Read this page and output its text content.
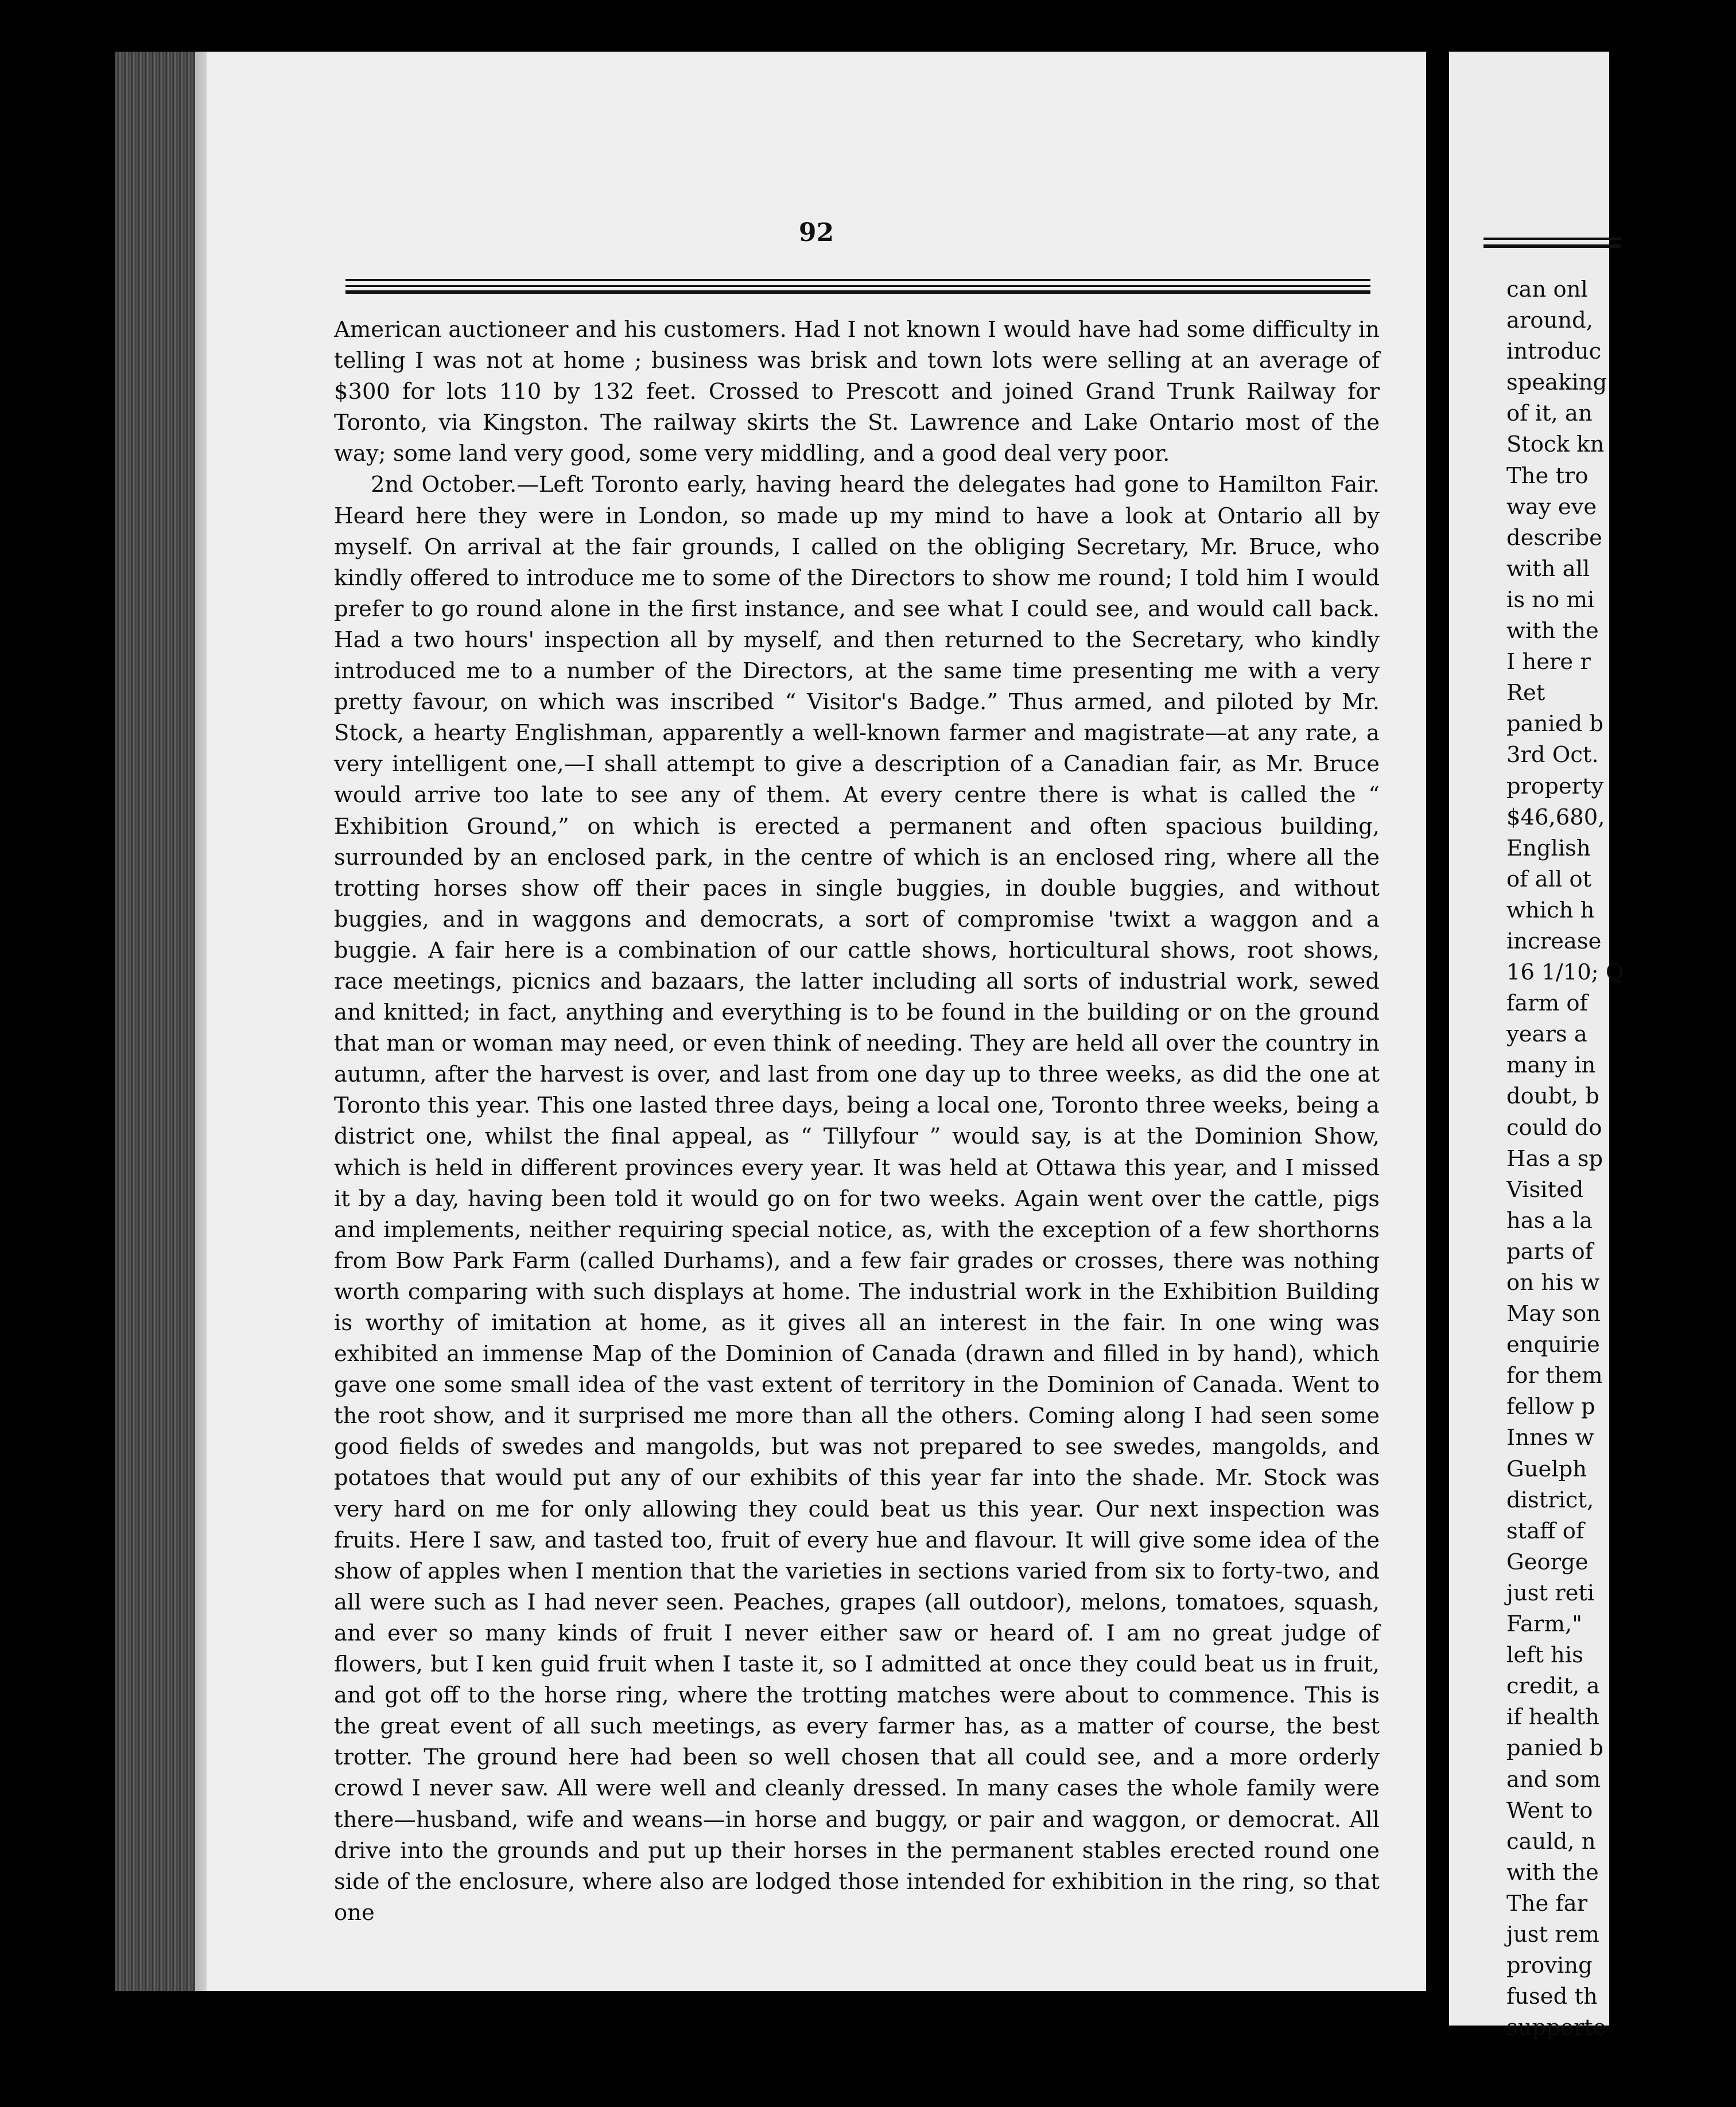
92

American auctioneer and his customers. Had I not known I would have had some difficulty in telling I was not at home ; business was brisk and town lots were selling at an average of $300 for lots 110 by 132 feet. Crossed to Prescott and joined Grand Trunk Railway for Toronto, via Kingston. The railway skirts the St. Lawrence and Lake Ontario most of the way; some land very good, some very middling, and a good deal very poor.

2nd October.—Left Toronto early, having heard the delegates had gone to Hamilton Fair. Heard here they were in London, so made up my mind to have a look at Ontario all by myself. On arrival at the fair grounds, I called on the obliging Secretary, Mr. Bruce, who kindly offered to introduce me to some of the Directors to show me round; I told him I would prefer to go round alone in the first instance, and see what I could see, and would call back. Had a two hours' inspection all by myself, and then returned to the Secretary, who kindly introduced me to a number of the Directors, at the same time presenting me with a very pretty favour, on which was inscribed “ Visitor's Badge.” Thus armed, and piloted by Mr. Stock, a hearty Englishman, apparently a well-known farmer and magistrate—at any rate, a very intelligent one,—I shall attempt to give a description of a Canadian fair, as Mr. Bruce would arrive too late to see any of them. At every centre there is what is called the “ Exhibition Ground,” on which is erected a permanent and often spacious building, surrounded by an enclosed park, in the centre of which is an enclosed ring, where all the trotting horses show off their paces in single buggies, in double buggies, and without buggies, and in waggons and democrats, a sort of compromise 'twixt a waggon and a buggie. A fair here is a combination of our cattle shows, horticultural shows, root shows, race meetings, picnics and bazaars, the latter including all sorts of industrial work, sewed and knitted; in fact, anything and everything is to be found in the building or on the ground that man or woman may need, or even think of needing. They are held all over the country in autumn, after the harvest is over, and last from one day up to three weeks, as did the one at Toronto this year. This one lasted three days, being a local one, Toronto three weeks, being a district one, whilst the final appeal, as “ Tillyfour ” would say, is at the Dominion Show, which is held in different provinces every year. It was held at Ottawa this year, and I missed it by a day, having been told it would go on for two weeks. Again went over the cattle, pigs and implements, neither requiring special notice, as, with the exception of a few shorthorns from Bow Park Farm (called Durhams), and a few fair grades or crosses, there was nothing worth comparing with such displays at home. The industrial work in the Exhibition Building is worthy of imitation at home, as it gives all an interest in the fair. In one wing was exhibited an immense Map of the Dominion of Canada (drawn and filled in by hand), which gave one some small idea of the vast extent of territory in the Dominion of Canada. Went to the root show, and it surprised me more than all the others. Coming along I had seen some good fields of swedes and mangolds, but was not prepared to see swedes, mangolds, and potatoes that would put any of our exhibits of this year far into the shade. Mr. Stock was very hard on me for only allowing they could beat us this year. Our next inspection was fruits. Here I saw, and tasted too, fruit of every hue and flavour. It will give some idea of the show of apples when I mention that the varieties in sections varied from six to forty-two, and all were such as I had never seen. Peaches, grapes (all outdoor), melons, tomatoes, squash, and ever so many kinds of fruit I never either saw or heard of. I am no great judge of flowers, but I ken guid fruit when I taste it, so I admitted at once they could beat us in fruit, and got off to the horse ring, where the trotting matches were about to commence. This is the great event of all such meetings, as every farmer has, as a matter of course, the best trotter. The ground here had been so well chosen that all could see, and a more orderly crowd I never saw. All were well and cleanly dressed. In many cases the whole family were there—husband, wife and weans—in horse and buggy, or pair and waggon, or democrat. All drive into the grounds and put up their horses in the permanent stables erected round one side of the enclosure, where also are lodged those intended for exhibition in the ring, so that one

can onl
around,
introduc
speaking
of it, an
Stock kn
The tro
way eve
describe
with all
is no mi
with the
I here r
Ret
panied b
3rd Oct.
property
$46,680,
English
of all ot
which h
increase
16 1/10; Q
farm of
years a
many in
doubt, b
could do
Has a sp
Visited
has a la
parts of
on his w
May son
enquirie
for them
fellow p
Innes w
Guelph
district,
staff of
George
just reti
Farm,"
left his
credit, a
if health
panied b
and som
Went to
cauld, n
with the
The far
just rem
proving
fused th
supporte
